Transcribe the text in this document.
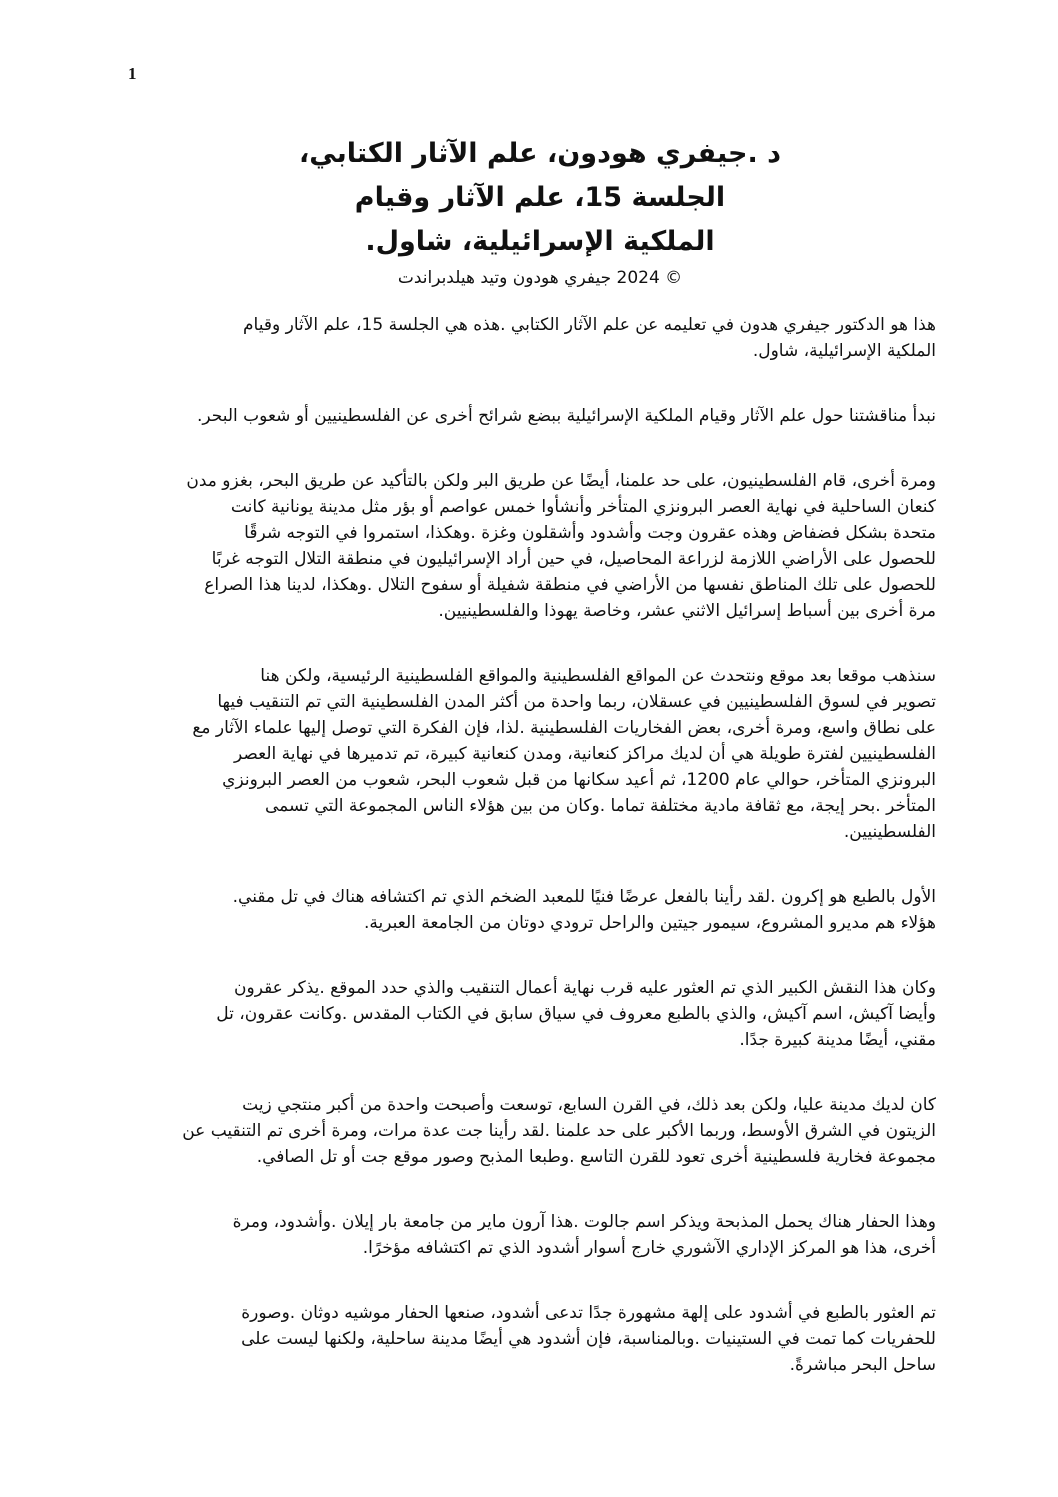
1
د .جيفري هودون، علم الآثار الكتابي،
الجلسة 15، علم الآثار وقيام
الملكية الإسرائيلية، شاول.
© 2024 جيفري هودون وتيد هيلدبراندت

هذا هو الدكتور جيفري هدون في تعليمه عن علم الآثار الكتابي .هذه هي الجلسة 15، علم الآثار وقيام
الملكية الإسرائيلية، شاول.

نبدأ مناقشتنا حول علم الآثار وقيام الملكية الإسرائيلية ببضع شرائح أخرى عن الفلسطينيين أو شعوب البحر.

ومرة أخرى، قام الفلسطينيون، على حد علمنا، أيضًا عن طريق البر ولكن بالتأكيد عن طريق البحر، بغزو مدن
كنعان الساحلية في نهاية العصر البرونزي المتأخر وأنشأوا خمس عواصم أو بؤر مثل مدينة يونانية كانت
متحدة بشكل فضفاض وهذه عقرون وجت وأشدود وأشقلون وغزة .وهكذا، استمروا في التوجه شرقًا
للحصول على الأراضي اللازمة لزراعة المحاصيل، في حين أراد الإسرائيليون في منطقة التلال التوجه غربًا
للحصول على تلك المناطق نفسها من الأراضي في منطقة شفيلة أو سفوح التلال .وهكذا، لدينا هذا الصراع
مرة أخرى بين أسباط إسرائيل الاثني عشر، وخاصة يهوذا والفلسطينيين.

سنذهب موقعا بعد موقع ونتحدث عن المواقع الفلسطينية والمواقع الفلسطينية الرئيسية، ولكن هنا
تصوير في لسوق الفلسطينيين في عسقلان، ربما واحدة من أكثر المدن الفلسطينية التي تم التنقيب فيها
على نطاق واسع، ومرة أخرى، بعض الفخاريات الفلسطينية .لذا، فإن الفكرة التي توصل إليها علماء الآثار مع
الفلسطينيين لفترة طويلة هي أن لديك مراكز كنعانية، ومدن كنعانية كبيرة، تم تدميرها في نهاية العصر
البرونزي المتأخر، حوالي عام 1200، ثم أعيد سكانها من قبل شعوب البحر، شعوب من العصر البرونزي
المتأخر .بحر إيجة، مع ثقافة مادية مختلفة تماما .وكان من بين هؤلاء الناس المجموعة التي تسمى
الفلسطينيين.

الأول بالطبع هو إكرون .لقد رأينا بالفعل عرضًا فنيًا للمعبد الضخم الذي تم اكتشافه هناك في تل مقني.
هؤلاء هم مديرو المشروع، سيمور جيتين والراحل ترودي دوتان من الجامعة العبرية.

وكان هذا النقش الكبير الذي تم العثور عليه قرب نهاية أعمال التنقيب والذي حدد الموقع .يذكر عقرون
وأيضا آكيش، اسم آكيش، والذي بالطبع معروف في سياق سابق في الكتاب المقدس .وكانت عقرون، تل
مقني، أيضًا مدينة كبيرة جدًا.

كان لديك مدينة عليا، ولكن بعد ذلك، في القرن السابع، توسعت وأصبحت واحدة من أكبر منتجي زيت
الزيتون في الشرق الأوسط، وربما الأكبر على حد علمنا .لقد رأينا جت عدة مرات، ومرة أخرى تم التنقيب عن
مجموعة فخارية فلسطينية أخرى تعود للقرن التاسع .وطبعا المذبح وصور موقع جت أو تل الصافي.

وهذا الحفار هناك يحمل المذبحة ويذكر اسم جالوت .هذا آرون ماير من جامعة بار إيلان .وأشدود، ومرة
أخرى، هذا هو المركز الإداري الآشوري خارج أسوار أشدود الذي تم اكتشافه مؤخرًا.

تم العثور بالطبع في أشدود على إلهة مشهورة جدًا تدعى أشدود، صنعها الحفار موشيه دوثان .وصورة
للحفريات كما تمت في الستينيات .وبالمناسبة، فإن أشدود هي أيضًا مدينة ساحلية، ولكنها ليست على
ساحل البحر مباشرةً.
